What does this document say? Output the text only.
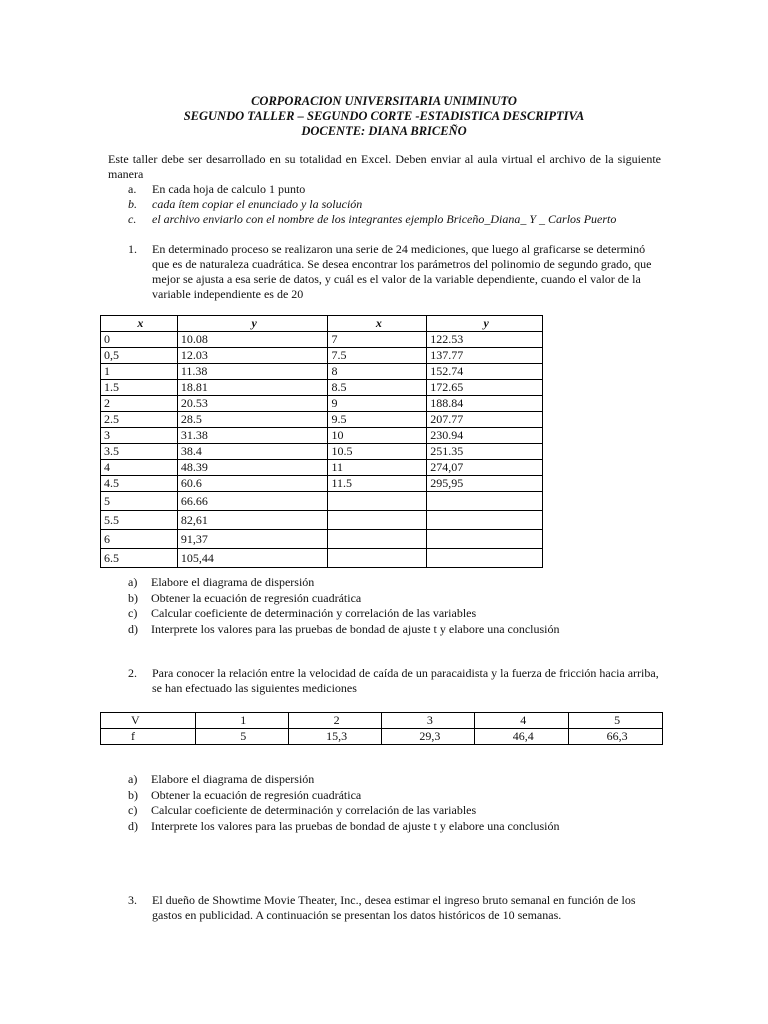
CORPORACION UNIVERSITARIA UNIMINUTO
SEGUNDO TALLER – SEGUNDO CORTE -ESTADISTICA DESCRIPTIVA
DOCENTE: DIANA BRICEÑO
Este taller debe ser desarrollado en su totalidad en Excel. Deben enviar al aula virtual el archivo de la siguiente manera
a.	En cada hoja de calculo 1 punto
b.	cada ítem copiar el enunciado y la solución
c.	el archivo enviarlo con el nombre de los integrantes ejemplo Briceño_Diana_ Y _ Carlos Puerto
1.	En determinado proceso se realizaron una serie de 24 mediciones, que luego al graficarse se determinó que es de naturaleza cuadrática. Se desea encontrar los parámetros del polinomio de segundo grado, que mejor se ajusta a esa serie de datos, y cuál es el valor de la variable dependiente, cuando el valor de la variable independiente es de 20
x	y	x	y
0	10.08	7	122.53
0,5	12.03	7.5	137.77
1	11.38	8	152.74
1.5	18.81	8.5	172.65
2	20.53	9	188.84
2.5	28.5	9.5	207.77
3	31.38	10	230.94
3.5	38.4	10.5	251.35
4	48.39	11	274,07
4.5	60.6	11.5	295,95
5	66.66		
5.5	82,61		
6	91,37		
6.5	105,44		
a)	Elabore el diagrama de dispersión
b)	Obtener la ecuación de regresión cuadrática
c)	Calcular coeficiente de determinación y correlación de las variables
d)	Interprete los valores para las pruebas de bondad de ajuste t y elabore una conclusión
2.	Para conocer la relación entre la velocidad de caída de un paracaidista y la fuerza de fricción hacia arriba, se han efectuado las siguientes mediciones
V	1	2	3	4	5
f	5	15,3	29,3	46,4	66,3
a)	Elabore el diagrama de dispersión
b)	Obtener la ecuación de regresión cuadrática
c)	Calcular coeficiente de determinación y correlación de las variables
d)	Interprete los valores para las pruebas de bondad de ajuste t y elabore una conclusión
3.	El dueño de Showtime Movie Theater, Inc., desea estimar el ingreso bruto semanal en función de los gastos en publicidad. A continuación se presentan los datos históricos de 10 semanas.
